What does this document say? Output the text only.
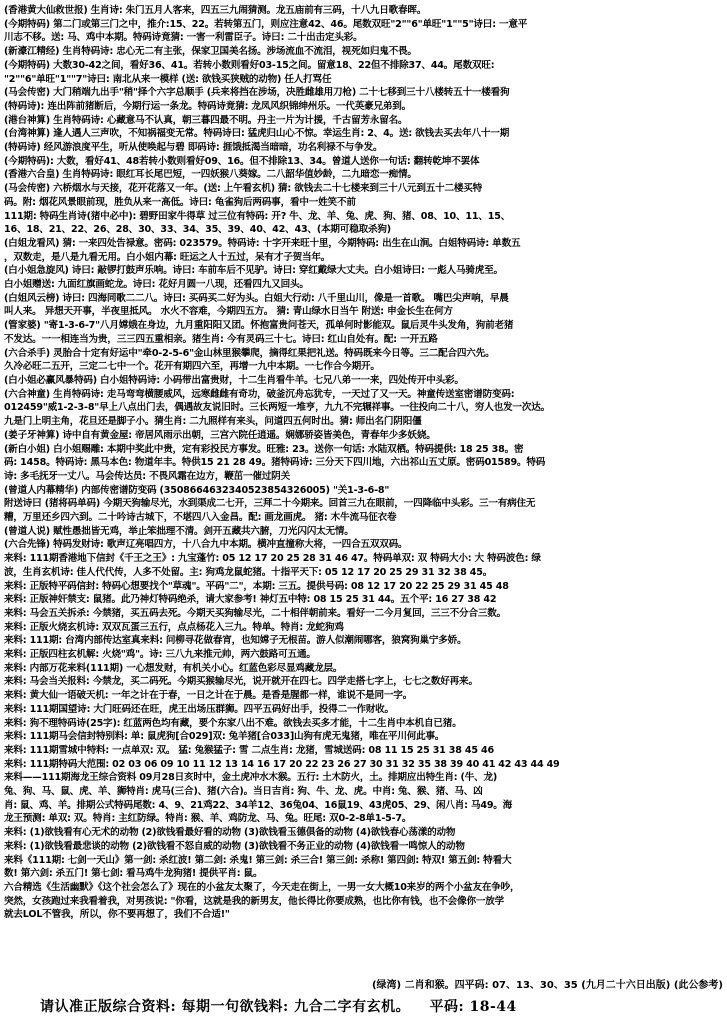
(香港黄大仙救世报) 生肖诗: 朱门五月人客来，四五三九闹猜测。龙五庙前有三码，十八九日歌春晖。
(今期特码) 第二门或第三门之中，推介:15、22。若转第五门，则应注意42、46。尾数双旺"2""6"单旺"1""5"诗曰: 一意平
川志不移。送: 马、鸡中本期。特码诗竟猜: 一害一利雷臣子。诗曰: 二十出击定头彩。
(新濠江精经) 生肖特码诗: 忠心无二有主张，保家卫国美名扬。涉场流血不流泪，视死如归鬼不畏。
(今期特码) 大数30-42之间，看好36、41。若转小数则看好03-15之间。留意18、22但不排除37、44。尾数双旺:
"2""6"单旺"1""7"诗曰: 南北从来一模样 (送: 欲钱买狭贼的动物) 任人打骂任
(马会传密) 大门稍端九出手"稍"择个六字总顺手 (兵来将挡在涉场，决胜雌雄用刀枪) 二十七移到三十八楼转五十一楼看狗
(特码诗): 连出阵前猪断后，今期行运一条龙。特码诗竟猜: 龙凤风织锦绅州乐。一代英豪兄弟到。
(港台神算) 生肖特码诗: 心藏意马不认真，朝三暮四最不明。丹主一片为计援，千古留芳永留名。
(台湾神算) 逢人遇人三声吹，不知祸福变无常。特码诗曰: 猛虎归山心不惊。幸运生肖: 2、4。送: 欲钱去买去年八十一期
(特码诗) 经风游浪度平生，听从使唤起与碧 即码诗: 捱饿抵渴当暗暗，功名利禄不与争发。
(今期特码): 大数，看好41、48若转小数则看好09、16。但不排除13、34。曾道人送你一句话: 翻转乾坤不罢体
(香港六合皇) 生肖特码诗: 眼红耳长尾巴短，一四妖猴八葵嫁。二八韶华值妙龄，二九暗恋一痴情。
(马会传密) 六桥烟水与天接，花开花落又一年。(送: 上午看玄机) 猜: 欲钱去二十七楼来到三十八元到五十二楼买特
码。附: 烟花风景眼前现，胜负从来一高低。诗曰: 龟雀狗后两码事，看中一姓笑不前
111期: 特码生肖诗(猪中必中): 碧野田家牛得草 过三位有特码: 开? 牛、龙、羊、兔、虎、狗、猪、08、10、11、15、
16、18、21、22、26、28、30、33、34、35、39、40、42、43、(本期可稳取杀狗)
(白姐龙看风) 猜: 一来四处告禄意。密码: 023579。特码诗: 十字开来旺十里，今期特码: 出生在山涧。白姐特码诗: 单数五
，双数走，是八是九看无用。白小姐内幕: 旺运之人十五过，呆有才子贺当年。
(白小姐急旋风) 诗曰: 敲锣打鼓声乐响。诗曰: 车前车后不见驴。诗曰: 穿红戴绿大丈夫。白小姐诗曰: 一彪人马骑虎至。
白小姐赠送: 九面红旗画蛇龙。诗曰: 花好月圆一八现，还看四九又回头。
(白姐风云榜) 诗曰: 四海同歌二二八。诗曰: 买码买二好为头。白姐大行动: 八千里山川，像是一首歌。 嘴巴尖声响，早晨
叫人来。 异想天开事，半夜里抵风。 水火不容难，今期四五方。 猜: 青山绿水日当午 附送: 申金长生在何方
(管家婆) "寄1-3-6-7"八月嫦娥在身边，九月重阳阳又团。怀抱富贵问苍天，孤单何时影能双。鼠后灵牛头发角，狗前老猪
不发达。一一相连当为贵，三三四五重相亲。猪生肖: 今有灵码三十七。诗曰: 红山自处有。配: 一开五路
(六合杀手) 灵胎合十定有好运中"牵0-2-5-6"金山林里猴攀爬，摘得红果把礼送。特码既来今日等。三二配合四六先。
久冷必旺二五开，三定二七中一个。花开有期四六至，再增一九中本期。一七作合今期开。
(白小姐必赢风暴特码) 白小姐特码诗: 小码带出富贵财，十二生肖看牛羊。七兄八弟一一来，四处传开中头彩。
(六合神童) 生肖特码诗: 走马弯弯横腰威风，远寒雌雌有奇功，破釜沉舟忘犹专，一天过了又一天。神童传送室密谱防变码:
012459"威1-2-3-8"早上八点出门去，偶遇故友说旧时。三长两短一堆亨，九九不完辗祥事。一往投向二十八，穷人也发一次达。
九是门上明主角，花旦还是脚子小。猜生肖: 二九照样有来头，问道四五何时出。猜: 师出名门阴阳僵
(姜子牙神算) 诗中自有黄金屋: 帝居风雨示出朝，三宫六院任逍遥。娴娜骄姿皆美色，青春年少多妖娆。
(新白小姐) 白小姐赐雕: 本期中奖此中贵，定有彩投民方事发。旺雅: 23。送你一句话: 水陆双栖。特码提供: 18 25 38。密
码: 1458。特码诗: 黑马本色: 物道年丰。特供15 21 28 49。猪特码诗: 三分天下四川地，六出祁山五丈原。密码01589。特码
诗: 多毛抚牙一丈八。马会传达员: 不畏风霜在边方，鞭茁一催过阴关
(曾道人内幕精华) 内部传密谱防变码 (3508664632340523854326005) "关1-3-6-8"
附送诗曰 (猪将码单码) 今期天狗输尽光，水到渠成二七开，三拜二十今期来。回首三九在眼前，一四降临中头彩。三一有病住无
糟，万里还乡四六到。二十吟诗古城下，不堪四八入金昌。配: 画龙画虎。 猪: 木牛流马征衣卷
(曾道人说) 赋性愚拙皆无鸡，举止笨拙理不清。剑开五藏共六腑，刀光闪闪太无情。
(六合先锋) 特码发财诗: 歌声辽亮唱四方，十八合九中本期。横冲直撞称大将，一四合五双双码。
来料: 111期香港地下信封《千王之王》: 九宝蓬竹: 05 12 17 20 25 28 31 46 47。特码单双: 双 特码大小: 大 特码波色: 绿
波，生肖玄机诗: 佳人代代传，人多不处留。主: 狗鸡龙鼠蛇猪。十指平天下: 05 12 17 20 25 29 31 32 38 45。
来料: 正版特平码信封: 特码心想要找个"草魂"。平码"二"，本期: 三五。提供号码: 08 12 17 20 22 25 29 31 45 48
来料: 正版神奸禁支: 鼠猪。此乃神灯特码绝杀，请大家参考! 神灯五中特: 08 15 25 31 44。五个平: 16 27 38 42
来料: 马会五关拆杀: 今禁猪，买五码去死。今期天买狗输尽光，二十相伴朝前来。看好一二今月复回，三三不分合三数。
来料: 正版火烧玄机诗: 双双瓦蛋三五行，点点杨花入三九。特单。特肖: 龙蛇狗鸡
来料: 111期: 台湾内部传达室真来料: 问柳寻花做春宵，也知嫦子无根苗。游人似潮闹哪客，狼窝狗巢宁多娇。
来料: 正版四柱玄机解: 火烧"鸡"。诗: 三八九来推元帅，两六鼓路可五通。
来料: 内部万花来料(111期) 一心想发财，有机关小心。红蓝色彩尽显鸡藏龙层。
来料: 马会当关报料: 今禁龙，买二码死。今期买猴输尽光，说开就开在四七。四学走搭七字上，七七之数好再来。
来料: 黄大仙一语破天机: 一年之计在于春，一日之计在于晨。是香是腥都一样，谁说不是同一字。
来料: 111期国望诗: 大门旺码还在旺，虎王出场压群狮。四平五码好出手，投得二一作财收。
来料: 狗不理特码诗(25字): 红蓝两色均有藏，要个东家八出不难。欲钱去买多才能，十二生肖中本机自已猪。
来料: 111期马会信封特别料: 单: 鼠虎狗[合029]双: 兔羊猪[合033]山狗有虎无鬼猪，唯在平川何此事。
来料: 111期雪城中特料: 一点单双: 双。 猛: 兔猴猛子: 雪 二点生肖: 龙猪，雪城送码: 08 11 15 25 31 38 45 46
来料: 111期特码大范围: 02 03 06 09 10 11 12 13 14 16 17 20 22 23 26 27 30 31 32 35 38 39 40 41 42 43 44 49
来料——111期海龙王综合资料 09月28日亥时中，金土虎冲水木猴。五行: 土木防火，土。排期应出特生肖: (牛、龙)
兔、狗、马、鼠、虎、羊、狮特肖: 虎马(三合)、猪(六合)。当日吉肖: 狗、牛、龙、虎。中肖: 兔、猴、猪、马、凶
肖: 鼠、鸡、羊。排期公式特码尾数: 4、9、21鸡22、34羊12、36兔04、16鼠19、43虎05、29、闲八肖: 马49。海
龙王预测: 单双: 双。特肖: 主红防绿。特肖: 猴、羊、鸡防龙、马、兔。旺尾: 双0-2-8单1-5-7。
来料: (1)欲钱看有心无术的动物 (2)欲钱看最好看的动物 (3)欲钱看玉德俱备的动物 (4)欲钱春心荡漾的动物
来料: (1)欲钱看最悲谈的动物 (2)欲钱看不怒自威的动物 (3)欲钱看不务正业的动物 (4)欲钱看一鸣惊人的动物
来料《111期: 七剑一天山》第一剑: 杀红波! 第二剑: 杀鬼! 第三剑: 杀三合! 第三剑: 杀称! 第四剑: 特双! 第五剑: 特看大
数! 第六剑: 杀五门! 第七剑: 看马鸡牛龙狗猪! 提供平肖: 鼠。
六合精选《生活幽默》《这个社会怎么了》现在的小盆友太聚了，今天走在街上，一男一女大概10来岁的两个小盆友在争吵，
突然，女孩跑过来我看着我，对男孩说: "你看，这就是我的新男友，他长得比你要成熟，也比你有钱，也不会像你一放学
就去LOL不管我，所以，你不要再想了，我们不合适!"
(绿湾) 二肖和猴。四平码: 07、13、30、35 (九月二十六日出版) (此公参考)
请认准正版综合资料: 每期一句欲钱料: 九合二字有玄机。 平码: 18-44
